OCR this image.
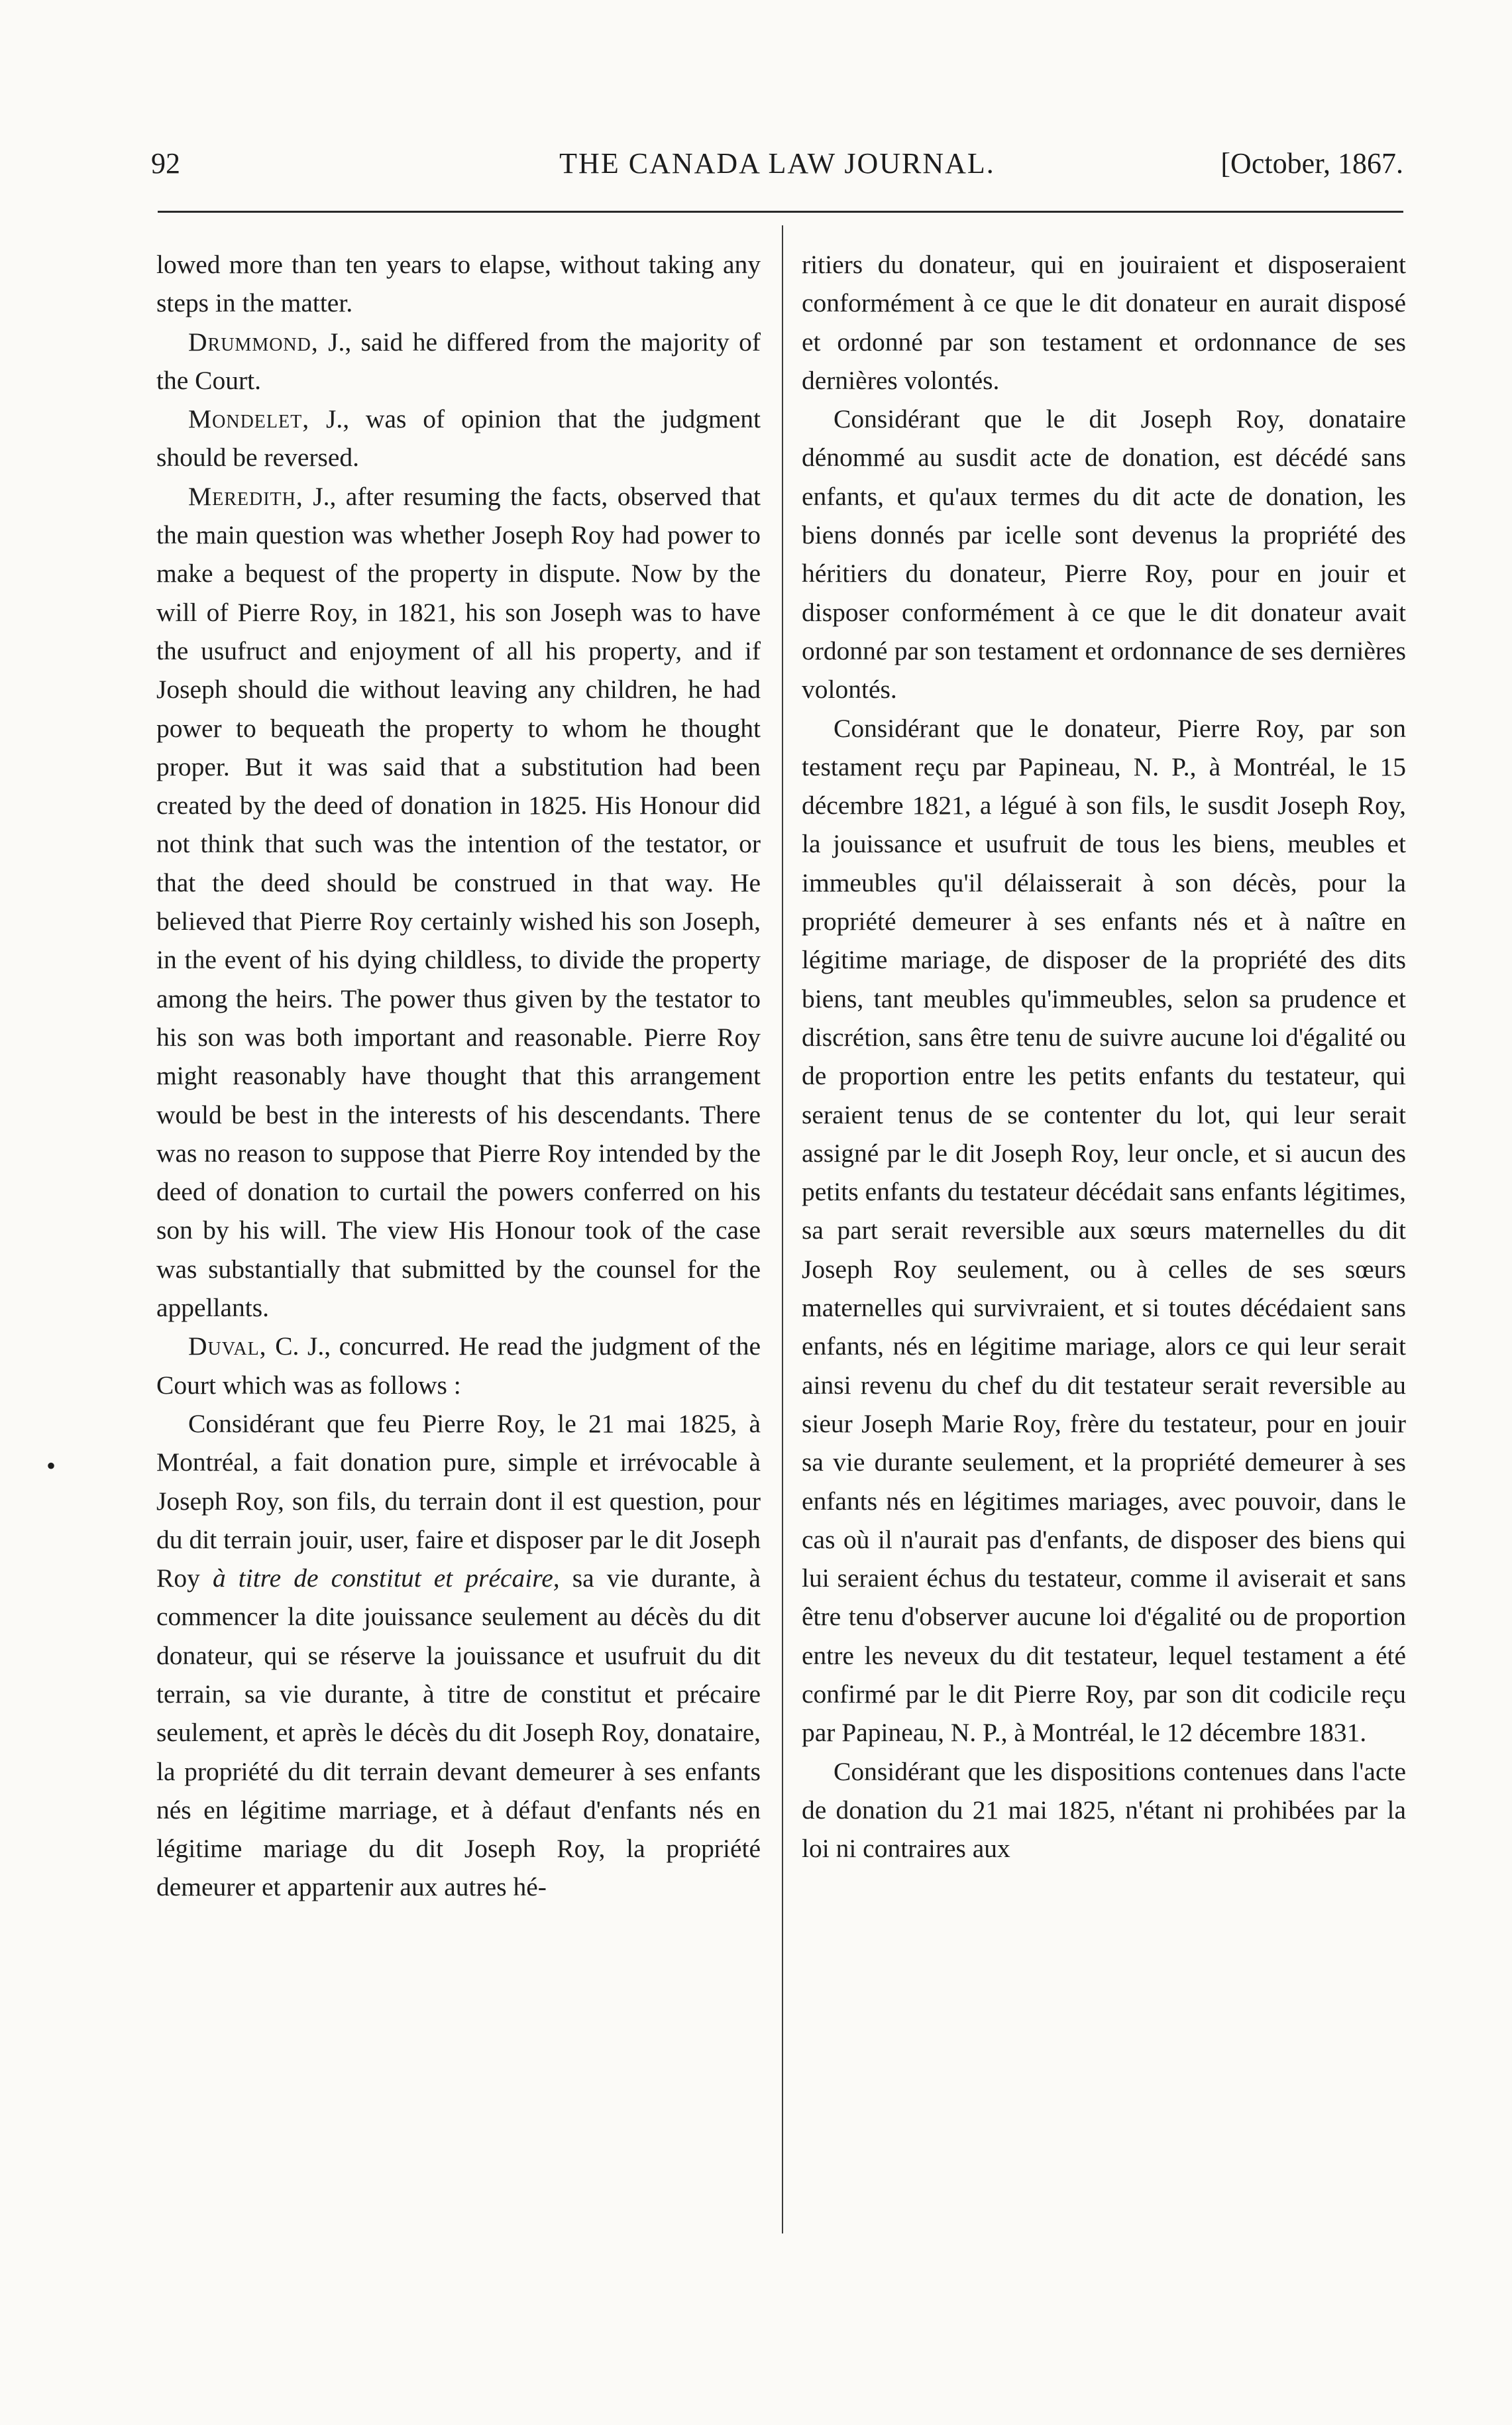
92	THE CANADA LAW JOURNAL.	[October, 1867.
•

lowed more than ten years to elapse, without taking any steps in the matter.

Drummond, J., said he differed from the majority of the Court.

Mondelet, J., was of opinion that the judgment should be reversed.

Meredith, J., after resuming the facts, observed that the main question was whether Joseph Roy had power to make a bequest of the property in dispute. Now by the will of Pierre Roy, in 1821, his son Joseph was to have the usufruct and enjoyment of all his property, and if Joseph should die without leaving any children, he had power to bequeath the property to whom he thought proper. But it was said that a substitution had been created by the deed of donation in 1825. His Honour did not think that such was the intention of the testator, or that the deed should be construed in that way. He believed that Pierre Roy certainly wished his son Joseph, in the event of his dying childless, to divide the property among the heirs. The power thus given by the testator to his son was both important and reasonable. Pierre Roy might reasonably have thought that this arrangement would be best in the interests of his descendants. There was no reason to suppose that Pierre Roy intended by the deed of donation to curtail the powers conferred on his son by his will. The view His Honour took of the case was substantially that submitted by the counsel for the appellants.

Duval, C. J., concurred. He read the judgment of the Court which was as follows :

Considérant que feu Pierre Roy, le 21 mai 1825, à Montréal, a fait donation pure, simple et irrévocable à Joseph Roy, son fils, du terrain dont il est question, pour du dit terrain jouir, user, faire et disposer par le dit Joseph Roy à titre de constitut et précaire, sa vie durante, à commencer la dite jouissance seulement au décès du dit donateur, qui se réserve la jouissance et usufruit du dit terrain, sa vie durante, à titre de constitut et précaire seulement, et après le décès du dit Joseph Roy, donataire, la propriété du dit terrain devant demeurer à ses enfants nés en légitime marriage, et à défaut d'enfants nés en légitime mariage du dit Joseph Roy, la propriété demeurer et appartenir aux autres hé-

ritiers du donateur, qui en jouiraient et disposeraient conformément à ce que le dit donateur en aurait disposé et ordonné par son testament et ordonnance de ses dernières volontés.

Considérant que le dit Joseph Roy, donataire dénommé au susdit acte de donation, est décédé sans enfants, et qu'aux termes du dit acte de donation, les biens donnés par icelle sont devenus la propriété des héritiers du donateur, Pierre Roy, pour en jouir et disposer conformément à ce que le dit donateur avait ordonné par son testament et ordonnance de ses dernières volontés.

Considérant que le donateur, Pierre Roy, par son testament reçu par Papineau, N. P., à Montréal, le 15 décembre 1821, a légué à son fils, le susdit Joseph Roy, la jouissance et usufruit de tous les biens, meubles et immeubles qu'il délaisserait à son décès, pour la propriété demeurer à ses enfants nés et à naître en légitime mariage, de disposer de la propriété des dits biens, tant meubles qu'immeubles, selon sa prudence et discrétion, sans être tenu de suivre aucune loi d'égalité ou de proportion entre les petits enfants du testateur, qui seraient tenus de se contenter du lot, qui leur serait assigné par le dit Joseph Roy, leur oncle, et si aucun des petits enfants du testateur décédait sans enfants légitimes, sa part serait reversible aux sœurs maternelles du dit Joseph Roy seulement, ou à celles de ses sœurs maternelles qui survivraient, et si toutes décédaient sans enfants, nés en légitime mariage, alors ce qui leur serait ainsi revenu du chef du dit testateur serait reversible au sieur Joseph Marie Roy, frère du testateur, pour en jouir sa vie durante seulement, et la propriété demeurer à ses enfants nés en légitimes mariages, avec pouvoir, dans le cas où il n'aurait pas d'enfants, de disposer des biens qui lui seraient échus du testateur, comme il aviserait et sans être tenu d'observer aucune loi d'égalité ou de proportion entre les neveux du dit testateur, lequel testament a été confirmé par le dit Pierre Roy, par son dit codicile reçu par Papineau, N. P., à Montréal, le 12 décembre 1831.

Considérant que les dispositions contenues dans l'acte de donation du 21 mai 1825, n'étant ni prohibées par la loi ni contraires aux
